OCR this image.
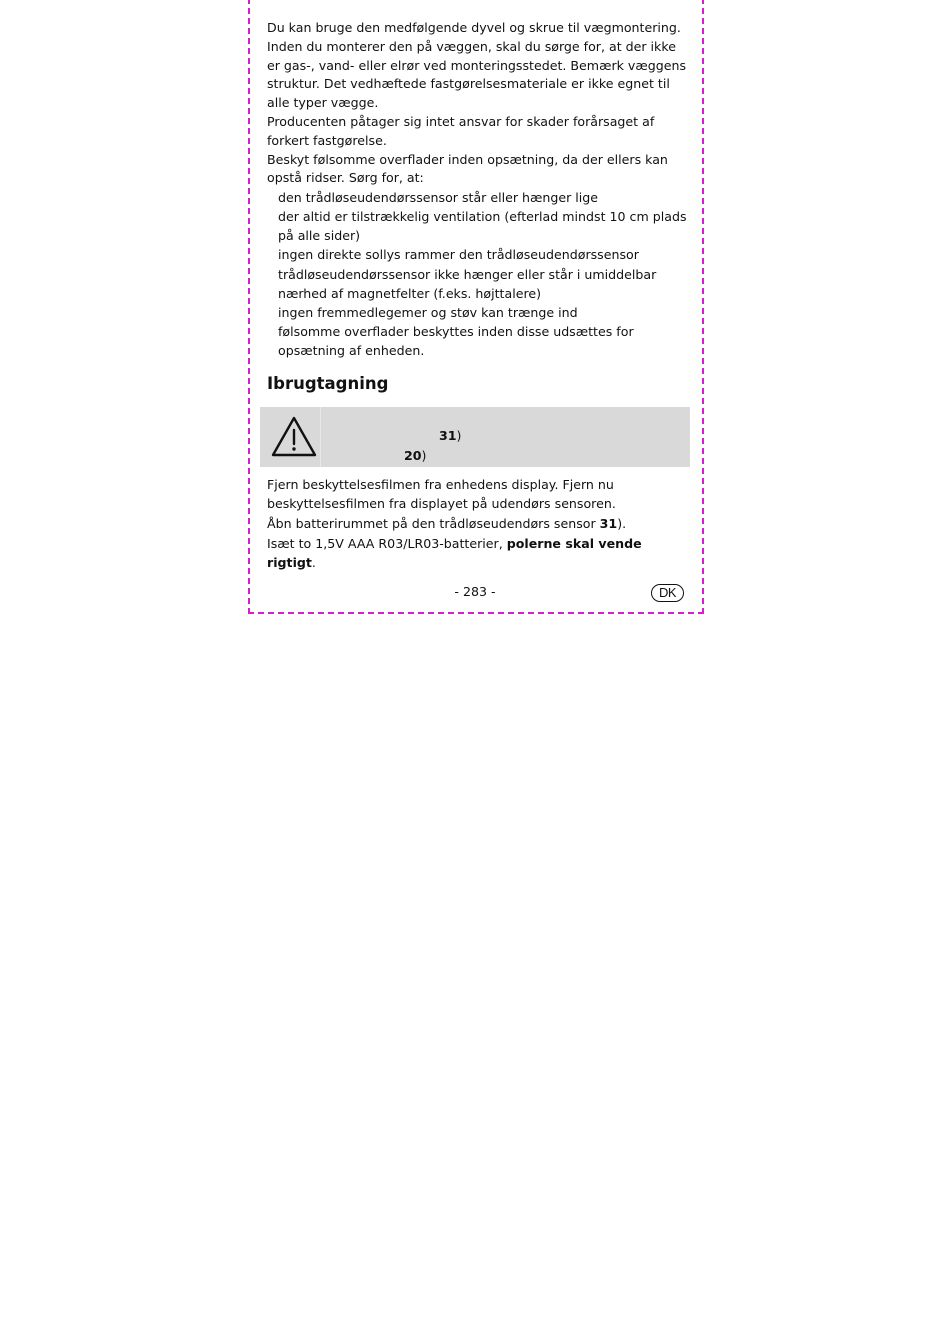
Du kan bruge den medfølgende dyvel og skrue til vægmontering. Inden du monterer den på væggen, skal du sørge for, at der ikke er gas-, vand- eller elrør ved monteringsstedet. Bemærk væggens struktur. Det vedhæftede fastgørelsesmateriale er ikke egnet til alle typer vægge.

Producenten påtager sig intet ansvar for skader forårsaget af forkert fastgørelse.

Beskyt følsomme overflader inden opsætning, da der ellers kan opstå ridser. Sørg for, at:

den trådløseudendørssensor står eller hænger lige
der altid er tilstrækkelig ventilation (efterlad mindst 10 cm plads på alle sider)
ingen direkte sollys rammer den trådløseudendørssensor
trådløseudendørssensor ikke hænger eller står i umiddelbar nærhed af magnetfelter (f.eks. højttalere)
ingen fremmedlegemer og støv kan trænge ind
følsomme overflader beskyttes inden disse udsættes for opsætning af enheden.
Ibrugtagning
31)
20)

Fjern beskyttelsesfilmen fra enhedens display. Fjern nu beskyttelsesfilmen fra displayet på udendørs sensoren.

Åbn batterirummet på den trådløseudendørs sensor 31).

Isæt to 1,5V AAA R03/LR03-batterier, polerne skal vende rigtigt.

- 283 -	DK
